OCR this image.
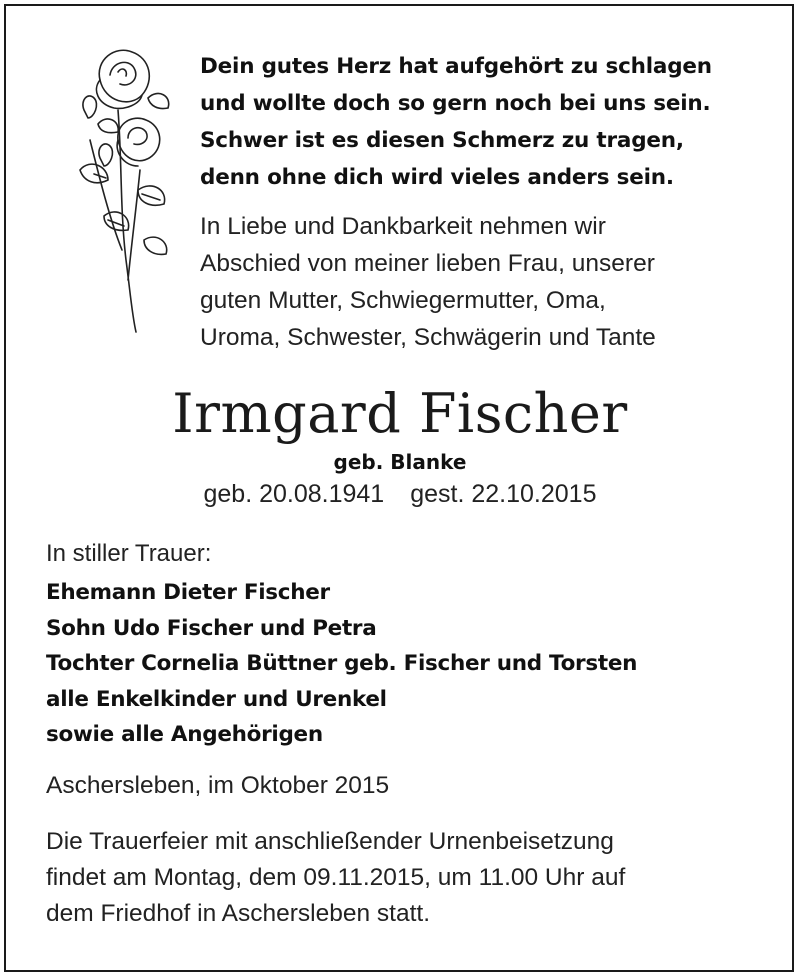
Dein gutes Herz hat aufgehört zu schlagen
und wollte doch so gern noch bei uns sein.
Schwer ist es diesen Schmerz zu tragen,
denn ohne dich wird vieles anders sein.
In Liebe und Dankbarkeit nehmen wir
Abschied von meiner lieben Frau, unserer
guten Mutter, Schwiegermutter, Oma,
Uroma, Schwester, Schwägerin und Tante
Irmgard Fischer
geb. Blanke
geb. 20.08.1941 gest. 22.10.2015
In stiller Trauer:
Ehemann Dieter Fischer
Sohn Udo Fischer und Petra
Tochter Cornelia Büttner geb. Fischer und Torsten
alle Enkelkinder und Urenkel
sowie alle Angehörigen
Aschersleben, im Oktober 2015
Die Trauerfeier mit anschließender Urnenbeisetzung
findet am Montag, dem 09.11.2015, um 11.00 Uhr auf
dem Friedhof in Aschersleben statt.
